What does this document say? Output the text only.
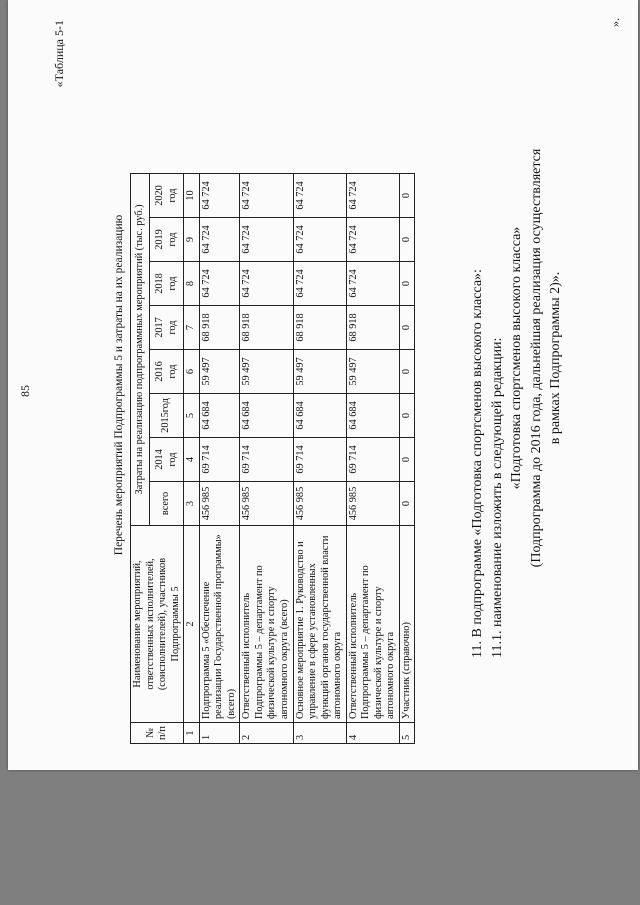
85
«Таблица 5-1
Перечень мероприятий Подпрограммы 5 и затраты на их реализацию
№ п/п	Наименование мероприятий, ответственных исполнителей, (соисполнителей), участников Подпрограммы 5	Затраты на реализацию подпрограммных мероприятий (тыс. руб.)							
		всего	2014 год	2015год	2016 год	2017 год	2018 год	2019 год	2020 год
1	2	3	4	5	6	7	8	9	10
1	Подпрограмма 5 «Обеспечение реализации Государственной программы» (всего)	456 985	69 714	64 684	59 497	68 918	64 724	64 724	64 724
2	Ответственный исполнитель Подпрограммы 5 – департамент по физической культуре и спорту автономного округа (всего)	456 985	69 714	64 684	59 497	68 918	64 724	64 724	64 724
3	Основное мероприятие 1. Руководство и управление в сфере установленных функций органов государственной власти автономного округа	456 985	69 714	64 684	59 497	68 918	64 724	64 724	64 724
4	Ответственный исполнитель Подпрограммы 5 – департамент по физической культуре и спорту автономного округа	456 985	69 714	64 684	59 497	68 918	64 724	64 724	64 724
5	Участник (справочно)	0	0	0	0	0	0	0	0
».

11. В подпрограмме «Подготовка спортсменов высокого класса»: 11.1. наименование изложить в следующей редакции: «Подготовка спортсменов высокого класса» (Подпрограмма до 2016 года, дальнейшая реализация осуществляется в рамках Подпрограммы 2)».
